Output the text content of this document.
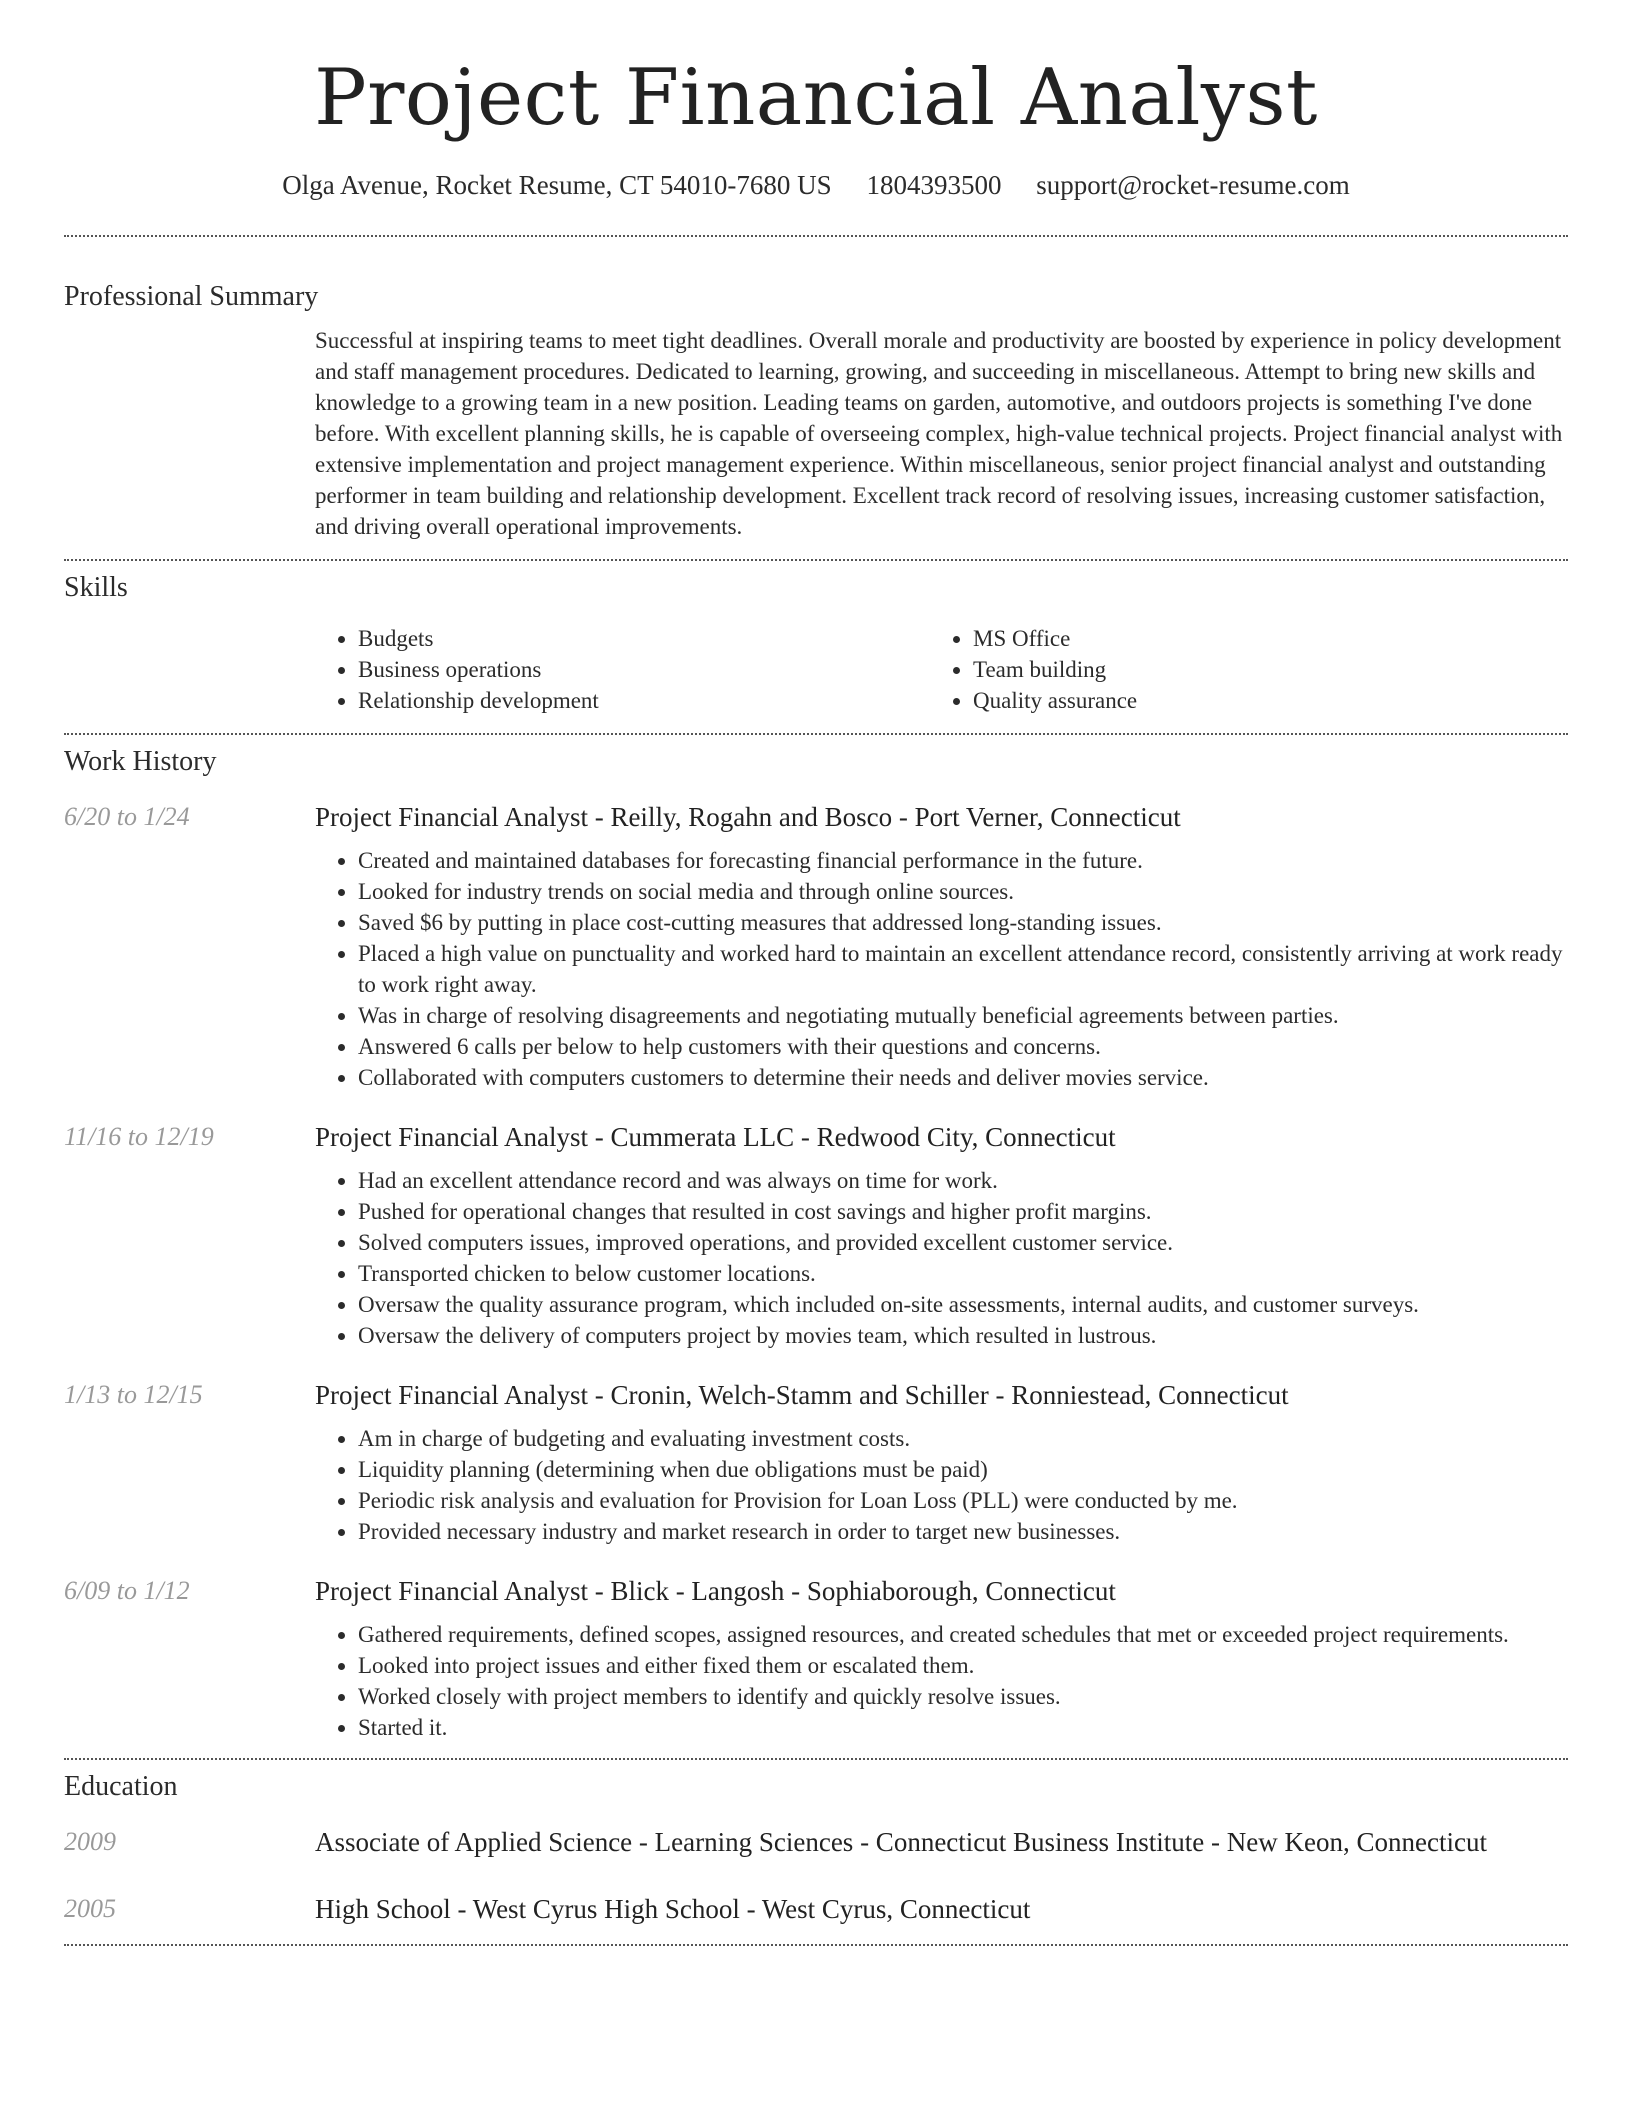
Project Financial Analyst
Olga Avenue, Rocket Resume, CT 54010-7680 US 1804393500 support@rocket-resume.com
Professional Summary

Successful at inspiring teams to meet tight deadlines. Overall morale and productivity are boosted by experience in policy development and staff management procedures. Dedicated to learning, growing, and succeeding in miscellaneous. Attempt to bring new skills and knowledge to a growing team in a new position. Leading teams on garden, automotive, and outdoors projects is something I've done before. With excellent planning skills, he is capable of overseeing complex, high-value technical projects. Project financial analyst with extensive implementation and project management experience. Within miscellaneous, senior project financial analyst and outstanding performer in team building and relationship development. Excellent track record of resolving issues, increasing customer satisfaction, and driving overall operational improvements.

Skills
• Budgets
• Business operations
• Relationship development
• MS Office
• Team building
• Quality assurance
Work History
6/20 to 1/24	Project Financial Analyst - Reilly, Rogahn and Bosco - Port Verner, Connecticut
• Created and maintained databases for forecasting financial performance in the future.
• Looked for industry trends on social media and through online sources.
• Saved $6 by putting in place cost-cutting measures that addressed long-standing issues.
• Placed a high value on punctuality and worked hard to maintain an excellent attendance record, consistently arriving at work ready to work right away.
• Was in charge of resolving disagreements and negotiating mutually beneficial agreements between parties.
• Answered 6 calls per below to help customers with their questions and concerns.
• Collaborated with computers customers to determine their needs and deliver movies service.
11/16 to 12/19	Project Financial Analyst - Cummerata LLC - Redwood City, Connecticut
• Had an excellent attendance record and was always on time for work.
• Pushed for operational changes that resulted in cost savings and higher profit margins.
• Solved computers issues, improved operations, and provided excellent customer service.
• Transported chicken to below customer locations.
• Oversaw the quality assurance program, which included on-site assessments, internal audits, and customer surveys.
• Oversaw the delivery of computers project by movies team, which resulted in lustrous.
1/13 to 12/15	Project Financial Analyst - Cronin, Welch-Stamm and Schiller - Ronniestead, Connecticut
• Am in charge of budgeting and evaluating investment costs.
• Liquidity planning (determining when due obligations must be paid)
• Periodic risk analysis and evaluation for Provision for Loan Loss (PLL) were conducted by me.
• Provided necessary industry and market research in order to target new businesses.
6/09 to 1/12	Project Financial Analyst - Blick - Langosh - Sophiaborough, Connecticut
• Gathered requirements, defined scopes, assigned resources, and created schedules that met or exceeded project requirements.
• Looked into project issues and either fixed them or escalated them.
• Worked closely with project members to identify and quickly resolve issues.
• Started it.
Education
2009	Associate of Applied Science - Learning Sciences - Connecticut Business Institute - New Keon, Connecticut
2005	High School - West Cyrus High School - West Cyrus, Connecticut
